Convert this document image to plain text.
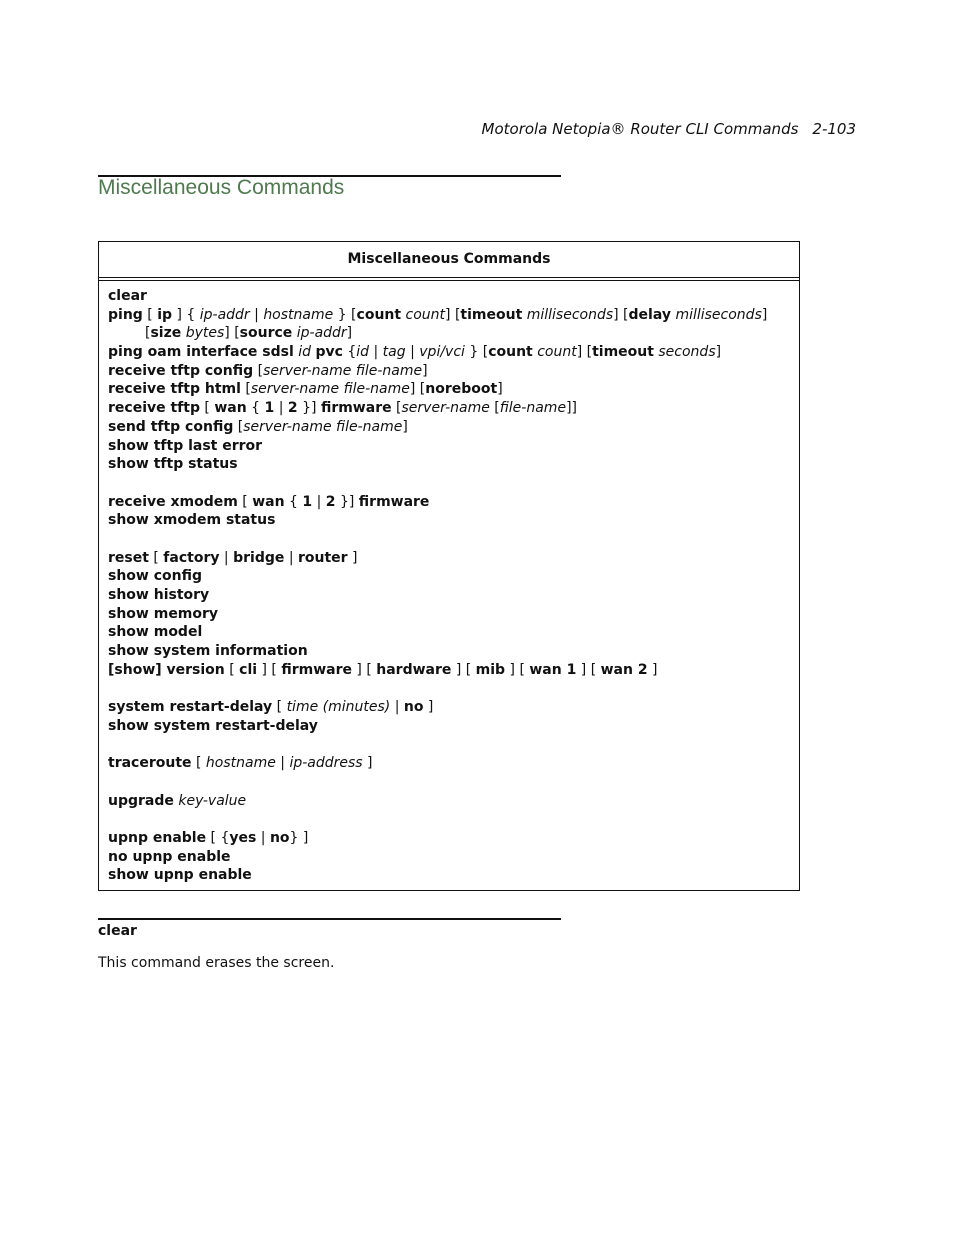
Motorola Netopia® Router CLI Commands 2-103
Miscellaneous Commands
Miscellaneous Commands
clear
ping [ ip ] { ip-addr | hostname } [count count] [timeout milliseconds] [delay milliseconds]
[size bytes] [source ip-addr]
ping oam interface sdsl id pvc {id | tag | vpi/vci } [count count] [timeout seconds]
receive tftp config [server-name file-name]
receive tftp html [server-name file-name] [noreboot]
receive tftp [ wan { 1 | 2 }] firmware [server-name [file-name]]
send tftp config [server-name file-name]
show tftp last error
show tftp status
receive xmodem [ wan { 1 | 2 }] firmware
show xmodem status
reset [ factory | bridge | router ]
show config
show history
show memory
show model
show system information
[show] version [ cli ] [ firmware ] [ hardware ] [ mib ] [ wan 1 ] [ wan 2 ]
system restart-delay [ time (minutes) | no ]
show system restart-delay
traceroute [ hostname | ip-address ]
upgrade key-value
upnp enable [ {yes | no} ]
no upnp enable
show upnp enable
clear
This command erases the screen.
